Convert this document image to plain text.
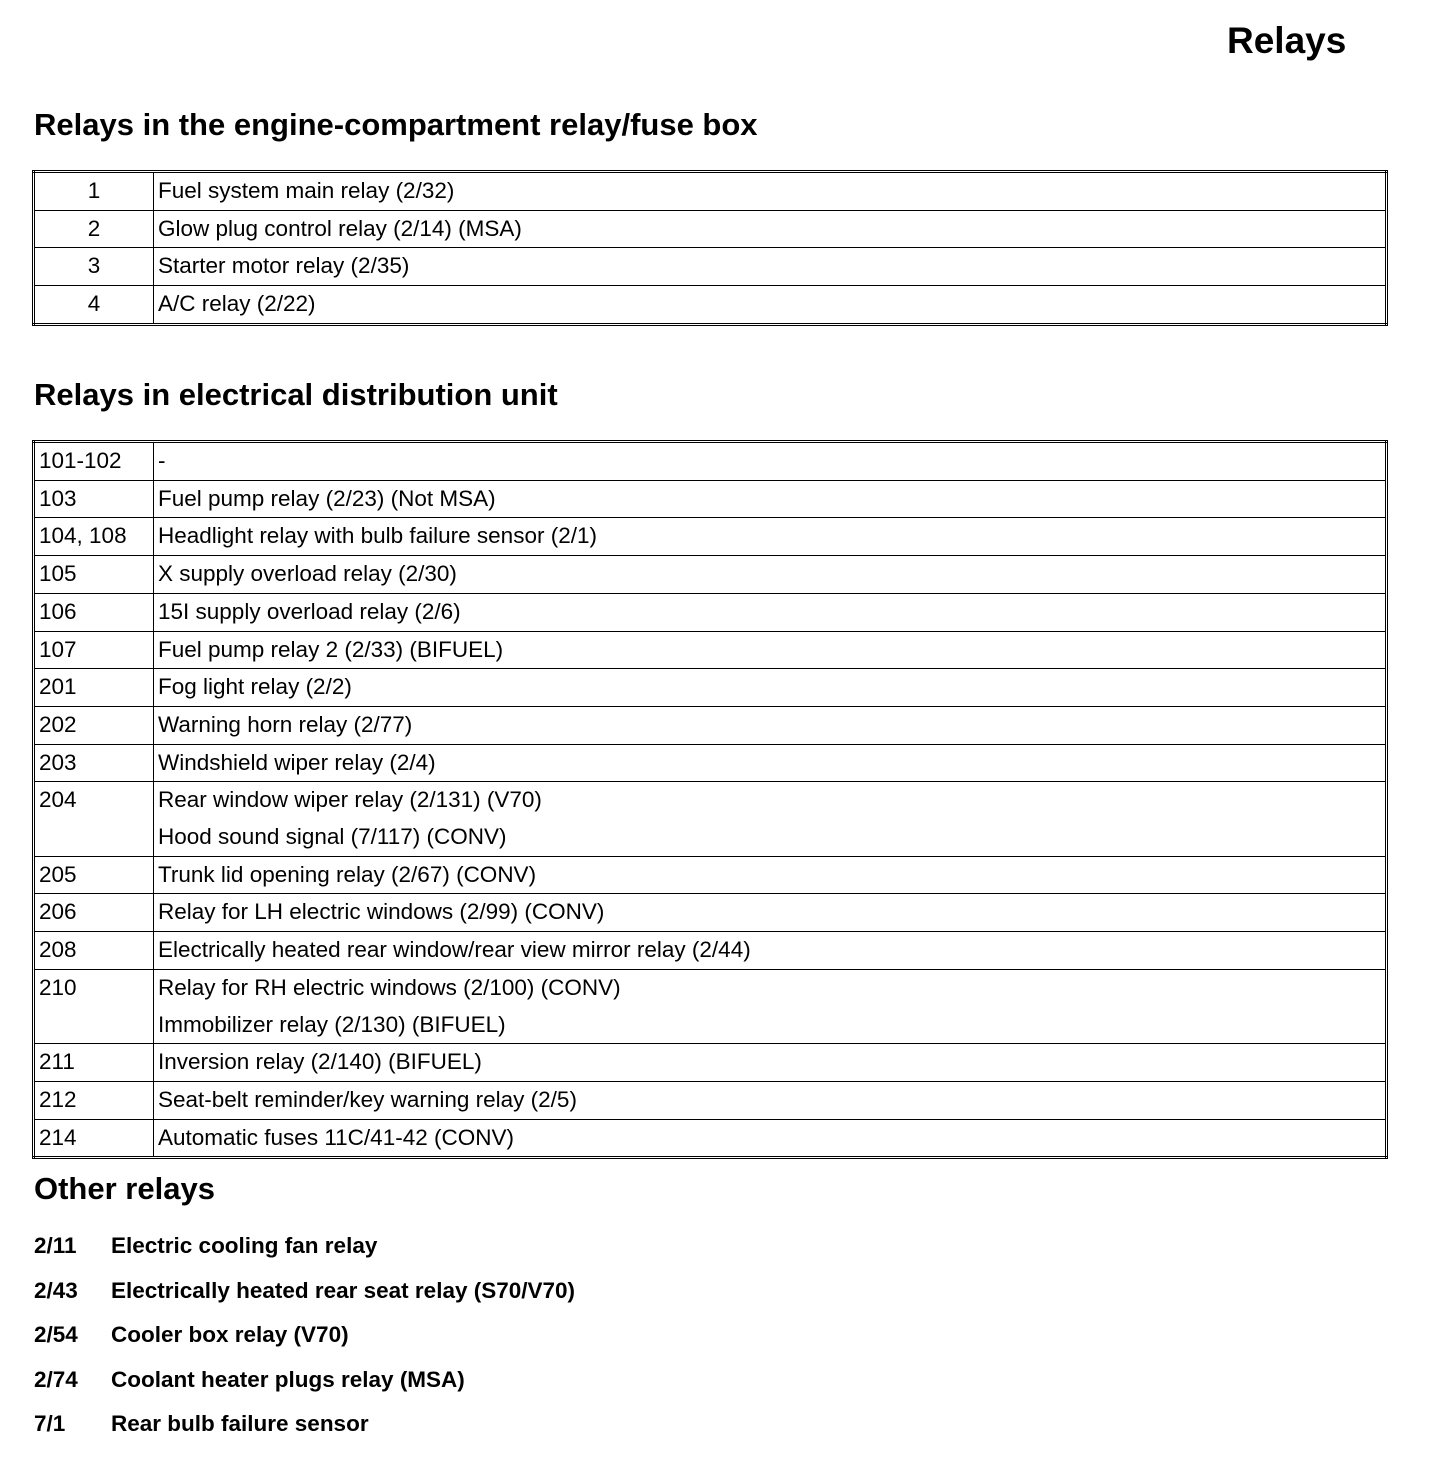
Relays
Relays in the engine-compartment relay/fuse box
1	Fuel system main relay (2/32)

2	Glow plug control relay (2/14) (MSA)

3	Starter motor relay (2/35)

4	A/C relay (2/22)
Relays in electrical distribution unit
101-102	-

103	Fuel pump relay (2/23) (Not MSA)

104, 108	Headlight relay with bulb failure sensor (2/1)

105	X supply overload relay (2/30)

106	15I supply overload relay (2/6)

107	Fuel pump relay 2 (2/33) (BIFUEL)

201	Fog light relay (2/2)

202	Warning horn relay (2/77)

203	Windshield wiper relay (2/4)

204	Rear window wiper relay (2/131) (V70)
Hood sound signal (7/117) (CONV)

205	Trunk lid opening relay (2/67) (CONV)

206	Relay for LH electric windows (2/99) (CONV)

208	Electrically heated rear window/rear view mirror relay (2/44)

210	Relay for RH electric windows (2/100) (CONV)
Immobilizer relay (2/130) (BIFUEL)

211	Inversion relay (2/140) (BIFUEL)

212	Seat-belt reminder/key warning relay (2/5)

214	Automatic fuses 11C/41-42 (CONV)
Other relays
2/11 Electric cooling fan relay
2/43 Electrically heated rear seat relay (S70/V70)
2/54 Cooler box relay (V70)
2/74 Coolant heater plugs relay (MSA)
7/1 Rear bulb failure sensor
